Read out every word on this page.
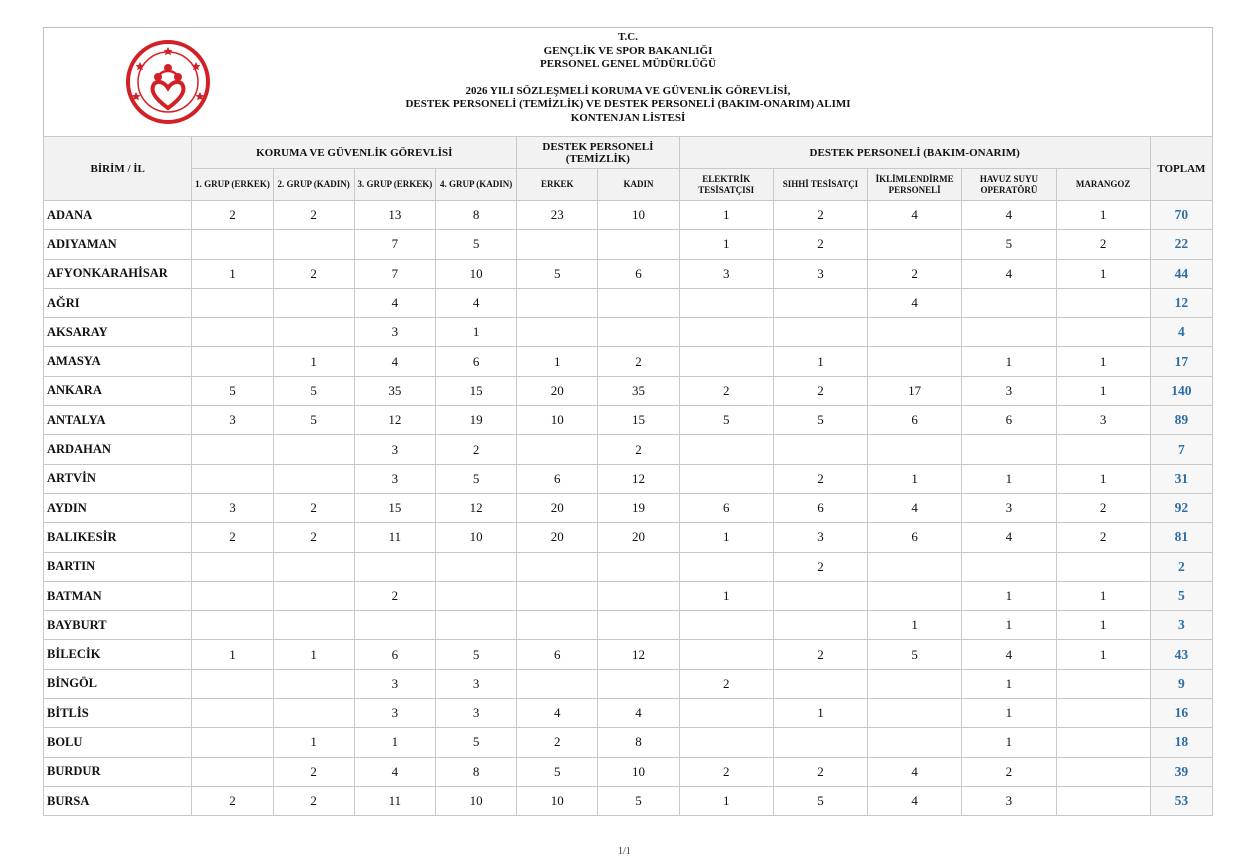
T.C.
GENÇLİK VE SPOR BAKANLIĞI
PERSONEL GENEL MÜDÜRLÜĞÜ
2026 YILI SÖZLEŞMELİ KORUMA VE GÜVENLİK GÖREVLİSİ,
DESTEK PERSONELİ (TEMİZLİK) VE DESTEK PERSONELİ (BAKIM-ONARIM) ALIMI
KONTENJAN LİSTESİ
BİRİM / İL	KORUMA VE GÜVENLİK GÖREVLİSİ				DESTEK PERSONELİ (TEMİZLİK)		DESTEK PERSONELİ (BAKIM-ONARIM)					TOPLAM
	1. GRUP (ERKEK)	2. GRUP (KADIN)	3. GRUP (ERKEK)	4. GRUP (KADIN)	ERKEK	KADIN	ELEKTRİK TESİSATÇISI	SIHHİ TESİSATÇI	İKLİMLENDİRME PERSONELİ	HAVUZ SUYU OPERATÖRÜ	MARANGOZ	
ADANA	2	2	13	8	23	10	1	2	4	4	1	70
ADIYAMAN			7	5			1	2		5	2	22
AFYONKARAHİSAR	1	2	7	10	5	6	3	3	2	4	1	44
AĞRI			4	4					4			12
AKSARAY			3	1								4
AMASYA		1	4	6	1	2		1		1	1	17
ANKARA	5	5	35	15	20	35	2	2	17	3	1	140
ANTALYA	3	5	12	19	10	15	5	5	6	6	3	89
ARDAHAN			3	2		2						7
ARTVİN			3	5	6	12		2	1	1	1	31
AYDIN	3	2	15	12	20	19	6	6	4	3	2	92
BALIKESİR	2	2	11	10	20	20	1	3	6	4	2	81
BARTIN								2				2
BATMAN			2				1			1	1	5
BAYBURT									1	1	1	3
BİLECİK	1	1	6	5	6	12		2	5	4	1	43
BİNGÖL			3	3			2			1		9
BİTLİS			3	3	4	4		1		1		16
BOLU		1	1	5	2	8				1		18
BURDUR		2	4	8	5	10	2	2	4	2		39
BURSA	2	2	11	10	10	5	1	5	4	3		53
1/1
